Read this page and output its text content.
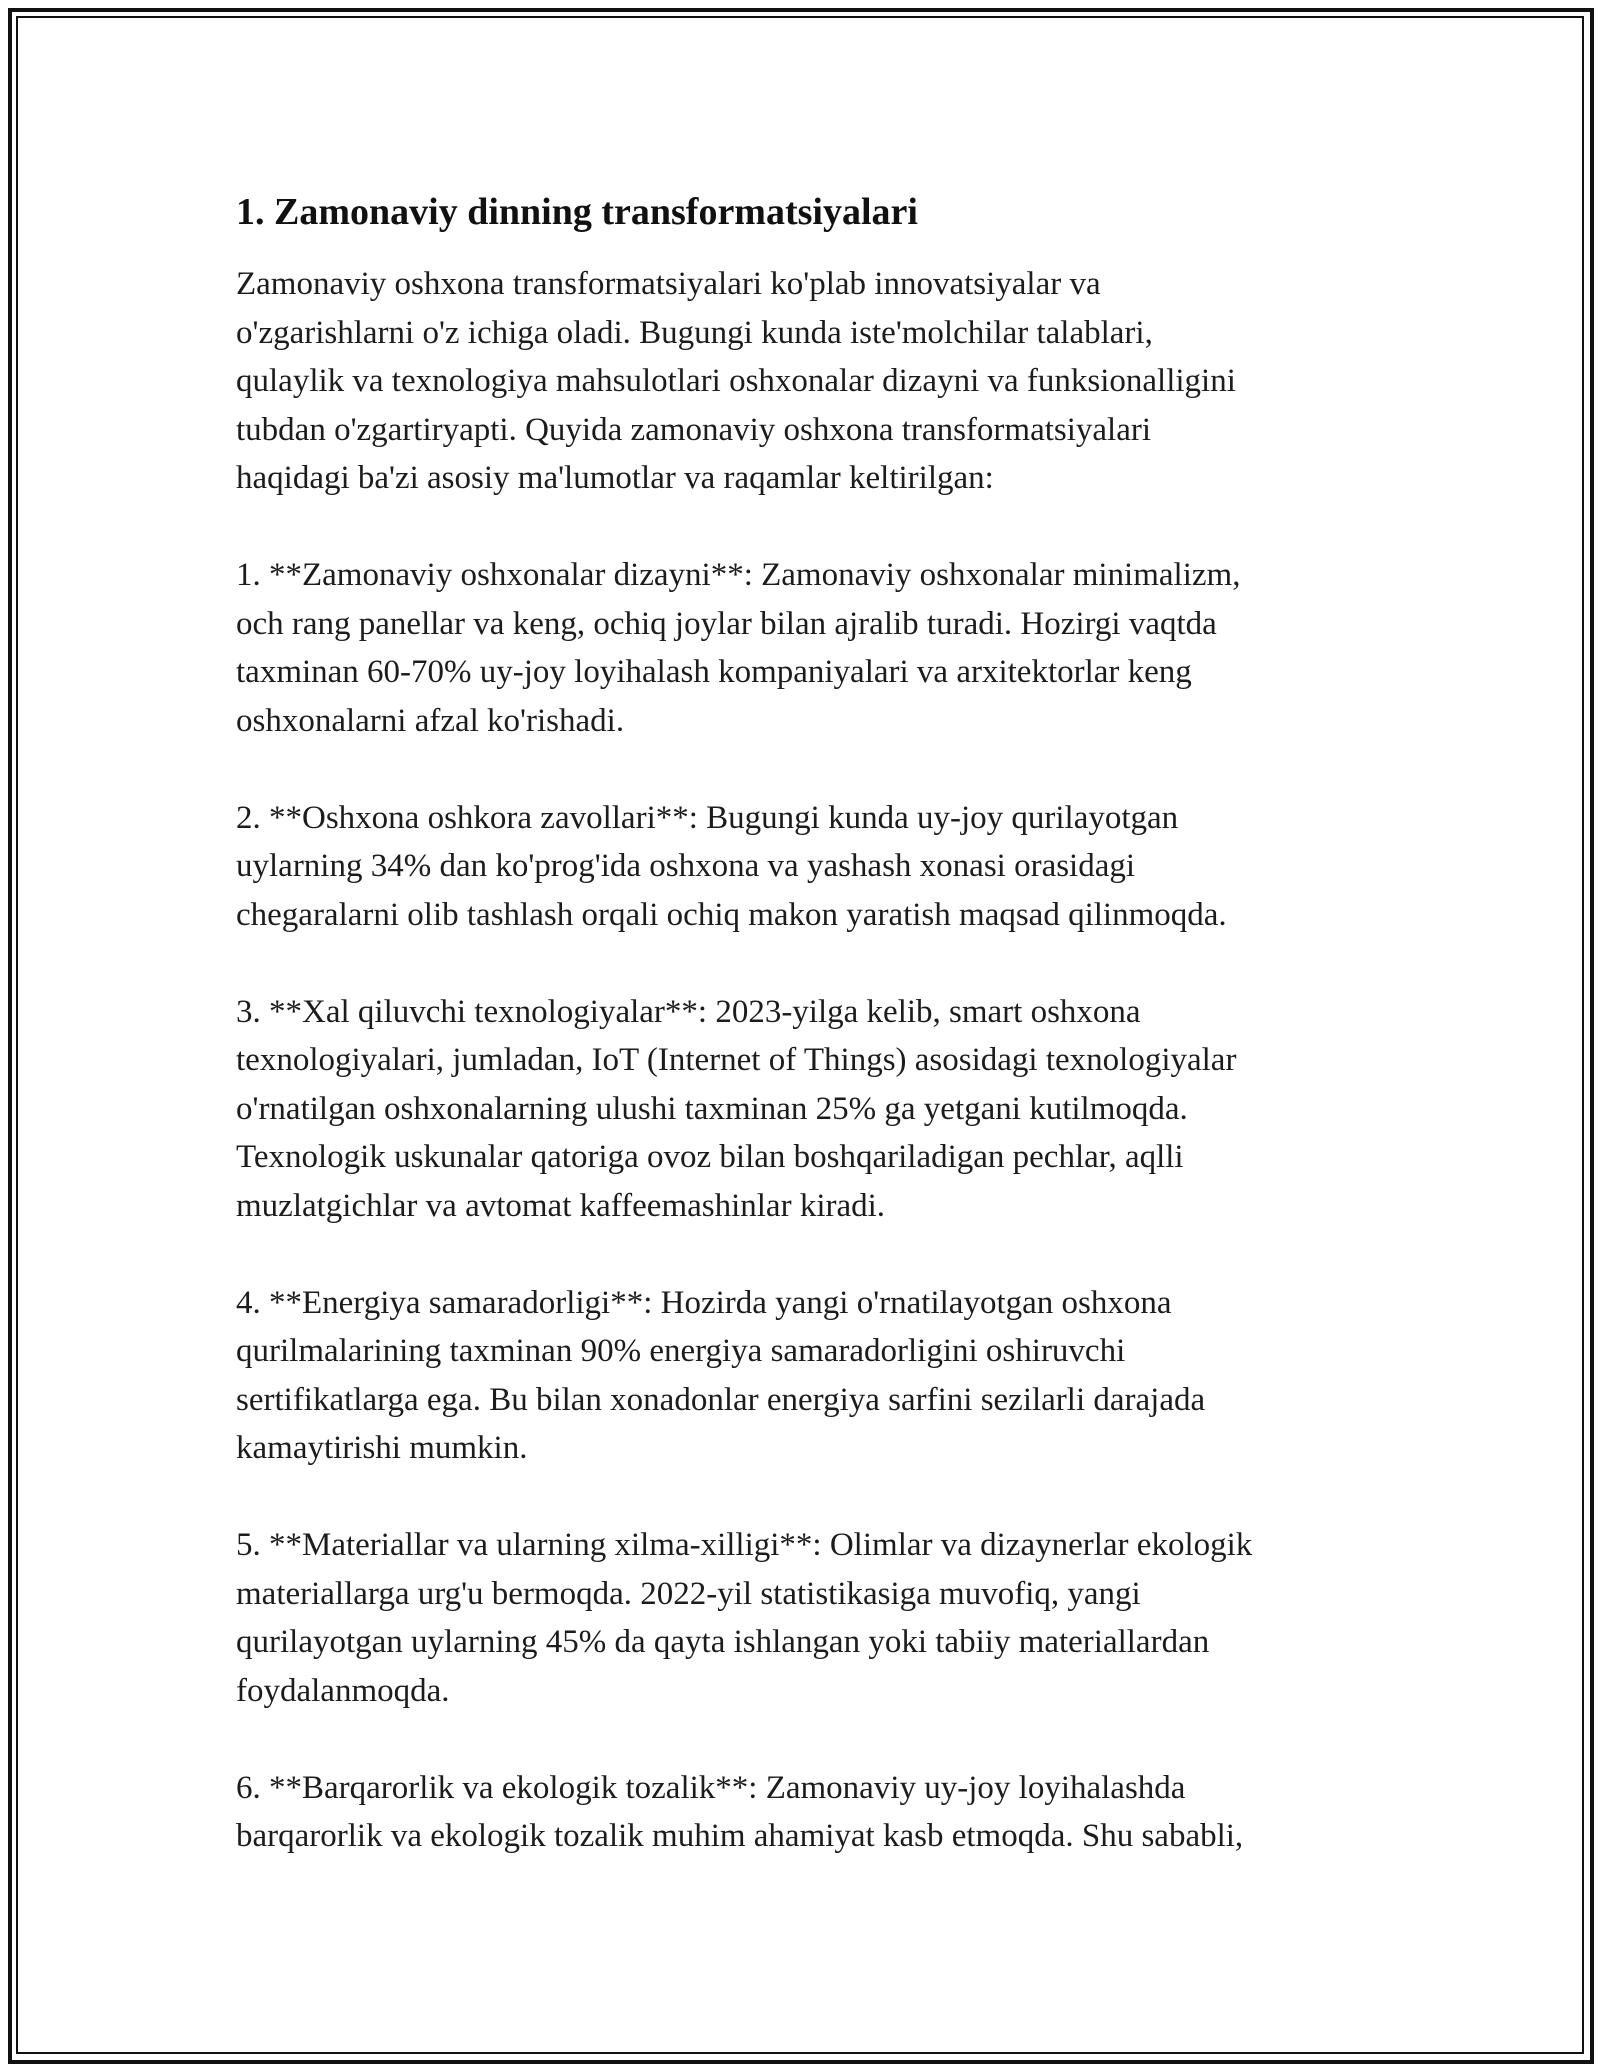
1. Zamonaviy dinning transformatsiyalari

Zamonaviy oshxona transformatsiyalari ko'plab innovatsiyalar va
o'zgarishlarni o'z ichiga oladi. Bugungi kunda iste'molchilar talablari,
qulaylik va texnologiya mahsulotlari oshxonalar dizayni va funksionalligini
tubdan o'zgartiryapti. Quyida zamonaviy oshxona transformatsiyalari
haqidagi ba'zi asosiy ma'lumotlar va raqamlar keltirilgan:

1. **Zamonaviy oshxonalar dizayni**: Zamonaviy oshxonalar minimalizm,
och rang panellar va keng, ochiq joylar bilan ajralib turadi. Hozirgi vaqtda
taxminan 60-70% uy-joy loyihalash kompaniyalari va arxitektorlar keng
oshxonalarni afzal ko'rishadi.

2. **Oshxona oshkora zavollari**: Bugungi kunda uy-joy qurilayotgan
uylarning 34% dan ko'prog'ida oshxona va yashash xonasi orasidagi
chegaralarni olib tashlash orqali ochiq makon yaratish maqsad qilinmoqda.

3. **Xal qiluvchi texnologiyalar**: 2023-yilga kelib, smart oshxona
texnologiyalari, jumladan, IoT (Internet of Things) asosidagi texnologiyalar
o'rnatilgan oshxonalarning ulushi taxminan 25% ga yetgani kutilmoqda.
Texnologik uskunalar qatoriga ovoz bilan boshqariladigan pechlar, aqlli
muzlatgichlar va avtomat kaffeemashinlar kiradi.

4. **Energiya samaradorligi**: Hozirda yangi o'rnatilayotgan oshxona
qurilmalarining taxminan 90% energiya samaradorligini oshiruvchi
sertifikatlarga ega. Bu bilan xonadonlar energiya sarfini sezilarli darajada
kamaytirishi mumkin.

5. **Materiallar va ularning xilma-xilligi**: Olimlar va dizaynerlar ekologik
materiallarga urg'u bermoqda. 2022-yil statistikasiga muvofiq, yangi
qurilayotgan uylarning 45% da qayta ishlangan yoki tabiiy materiallardan
foydalanmoqda.

6. **Barqarorlik va ekologik tozalik**: Zamonaviy uy-joy loyihalashda
barqarorlik va ekologik tozalik muhim ahamiyat kasb etmoqda. Shu sababli,
